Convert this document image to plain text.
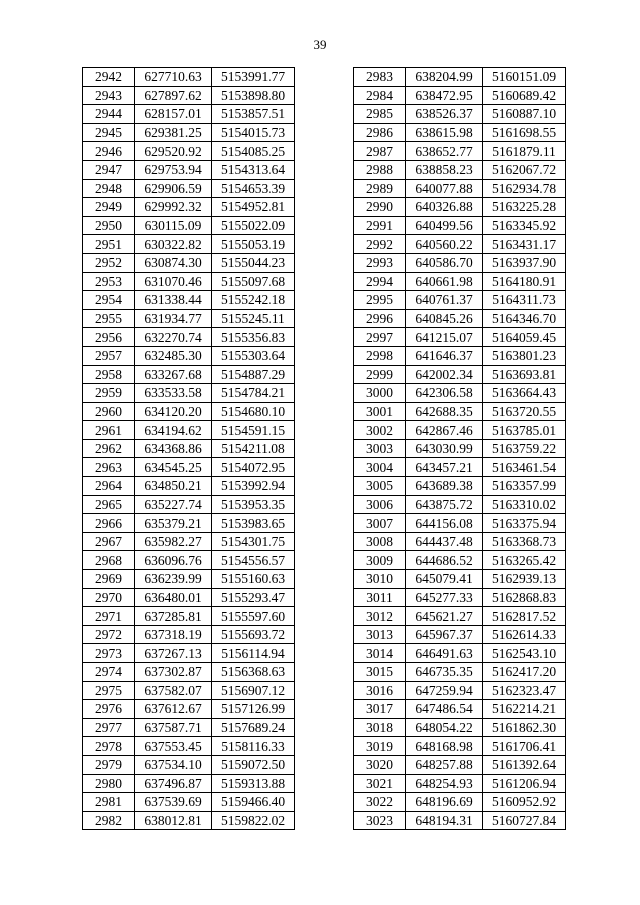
39
2942	627710.63	5153991.77
2943	627897.62	5153898.80
2944	628157.01	5153857.51
2945	629381.25	5154015.73
2946	629520.92	5154085.25
2947	629753.94	5154313.64
2948	629906.59	5154653.39
2949	629992.32	5154952.81
2950	630115.09	5155022.09
2951	630322.82	5155053.19
2952	630874.30	5155044.23
2953	631070.46	5155097.68
2954	631338.44	5155242.18
2955	631934.77	5155245.11
2956	632270.74	5155356.83
2957	632485.30	5155303.64
2958	633267.68	5154887.29
2959	633533.58	5154784.21
2960	634120.20	5154680.10
2961	634194.62	5154591.15
2962	634368.86	5154211.08
2963	634545.25	5154072.95
2964	634850.21	5153992.94
2965	635227.74	5153953.35
2966	635379.21	5153983.65
2967	635982.27	5154301.75
2968	636096.76	5154556.57
2969	636239.99	5155160.63
2970	636480.01	5155293.47
2971	637285.81	5155597.60
2972	637318.19	5155693.72
2973	637267.13	5156114.94
2974	637302.87	5156368.63
2975	637582.07	5156907.12
2976	637612.67	5157126.99
2977	637587.71	5157689.24
2978	637553.45	5158116.33
2979	637534.10	5159072.50
2980	637496.87	5159313.88
2981	637539.69	5159466.40
2982	638012.81	5159822.02
2983	638204.99	5160151.09
2984	638472.95	5160689.42
2985	638526.37	5160887.10
2986	638615.98	5161698.55
2987	638652.77	5161879.11
2988	638858.23	5162067.72
2989	640077.88	5162934.78
2990	640326.88	5163225.28
2991	640499.56	5163345.92
2992	640560.22	5163431.17
2993	640586.70	5163937.90
2994	640661.98	5164180.91
2995	640761.37	5164311.73
2996	640845.26	5164346.70
2997	641215.07	5164059.45
2998	641646.37	5163801.23
2999	642002.34	5163693.81
3000	642306.58	5163664.43
3001	642688.35	5163720.55
3002	642867.46	5163785.01
3003	643030.99	5163759.22
3004	643457.21	5163461.54
3005	643689.38	5163357.99
3006	643875.72	5163310.02
3007	644156.08	5163375.94
3008	644437.48	5163368.73
3009	644686.52	5163265.42
3010	645079.41	5162939.13
3011	645277.33	5162868.83
3012	645621.27	5162817.52
3013	645967.37	5162614.33
3014	646491.63	5162543.10
3015	646735.35	5162417.20
3016	647259.94	5162323.47
3017	647486.54	5162214.21
3018	648054.22	5161862.30
3019	648168.98	5161706.41
3020	648257.88	5161392.64
3021	648254.93	5161206.94
3022	648196.69	5160952.92
3023	648194.31	5160727.84
